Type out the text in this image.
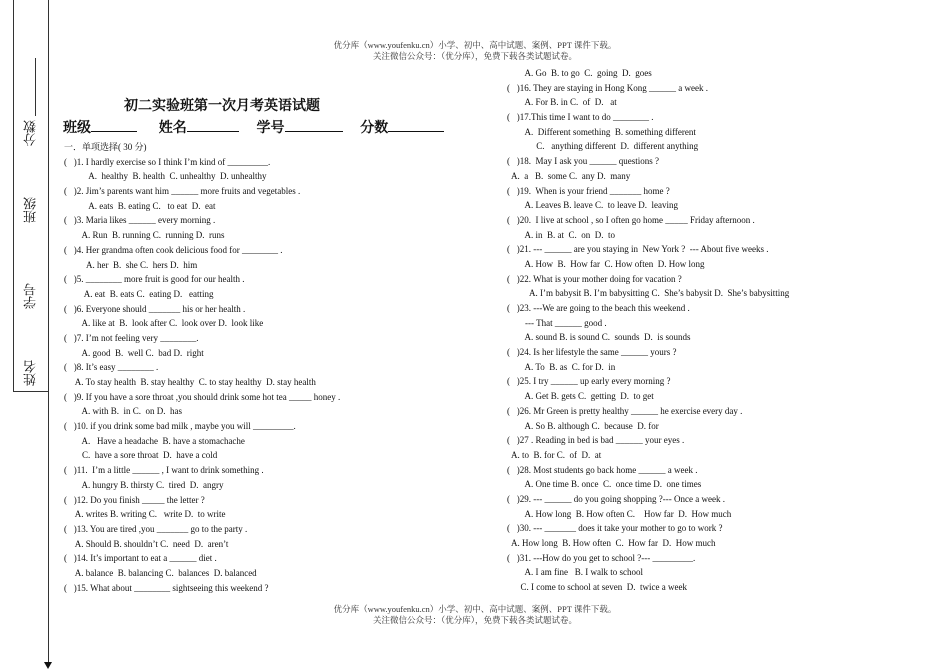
优分库（www.youfenku.cn）小学、初中、高中试题、案例、PPT 课件下载。
关注微信公众号：（优分库），免费下载各类试题试卷。
分数
班级
学号
姓名
初二实验班第一次月考英语试题
班级	姓名	学号	分数
一．单项选择( 30 分)
(   )1. I hardly exercise so I think I’m kind of _________.
A.  healthy  B. health  C. unhealthy  D. unhealthy
(   )2. Jim’s parents want him ______ more fruits and vegetables .
A. eats  B. eating C.   to eat  D.  eat
(   )3. Maria likes ______ every morning .
A. Run  B. running C.  running D.  runs
(   )4. Her grandma often cook delicious food for ________ .
A. her  B.  she C.  hers D.  him
(   )5. ________ more fruit is good for our health .
A. eat  B. eats C.  eating D.   eatting
(   )6. Everyone should _______ his or her health .
A. like at  B.  look after C.  look over D.  look like
(   )7. I’m not feeling very ________.
A. good  B.  well C.  bad D.  right
(   )8. It’s easy ________ .
A. To stay health  B. stay healthy  C. to stay healthy  D. stay health
(   )9. If you have a sore throat ,you should drink some hot tea _____ honey .
A. with B.  in C.  on D.  has
(   )10. if you drink some bad milk , maybe you will _________.
A.   Have a headache  B. have a stomachache
C.  have a sore throat  D.  have a cold
(   )11.  I’m a little ______ , I want to drink something .
A. hungry B. thirsty C.  tired  D.  angry
(   )12. Do you finish _____ the letter ?
A. writes B. writing C.   write D.  to write
(   )13. You are tired ,you _______ go to the party .
A. Should B. shouldn’t C.  need  D.  aren’t
(   )14. It’s important to eat a ______ diet .
A. balance  B. balancing C.  balances  D. balanced
(   )15. What about ________ sightseeing this weekend ?
A. Go  B. to go  C.  going  D.  goes
(   )16. They are staying in Hong Kong ______ a week .
A. For B. in C.  of  D.   at
(   )17.This time I want to do ________ .
A.  Different something  B. something different
C.   anything different  D.  different anything
(   )18.  May I ask you ______ questions ?
A.  a   B.  some C.  any D.  many
(   )19.  When is your friend _______ home ?
A. Leaves B. leave C.  to leave D.  leaving
(   )20.  I live at school , so I often go home _____ Friday afternoon .
A. in  B. at  C.  on  D.  to
(   )21. --- ______ are you staying in  New York ?  --- About five weeks .
A. How  B.  How far  C. How often  D. How long
(   )22. What is your mother doing for vacation ?
A. I’m babysit B. I’m babysitting C.  She’s babysit D.  She’s babysitting
(   )23. ---We are going to the beach this weekend .
--- That ______ good .
A. sound B. is sound C.  sounds  D.  is sounds
(   )24. Is her lifestyle the same ______ yours ?
A. To  B. as  C. for D.  in
(   )25. I try ______ up early every morning ?
A. Get B. gets C.  getting  D.  to get
(   )26. Mr Green is pretty healthy ______ he exercise every day .
A. So B. although C.  because  D. for
(   )27 . Reading in bed is bad ______ your eyes .
A. to  B. for C.  of  D.  at
(   )28. Most students go back home ______ a week .
A. One time B. once  C.  once time D.  one times
(   )29. --- ______ do you going shopping ?--- Once a week .
A. How long  B. How often C.    How far  D.  How much
(   )30. --- _______ does it take your mother to go to work ?
A. How long  B. How often  C.  How far  D.  How much
(   )31. ---How do you get to school ?--- _________.
A. I am fine   B. I walk to school
C. I come to school at seven  D.  twice a week
优分库（www.youfenku.cn）小学、初中、高中试题、案例、PPT 课件下载。
关注微信公众号：（优分库），免费下载各类试题试卷。
